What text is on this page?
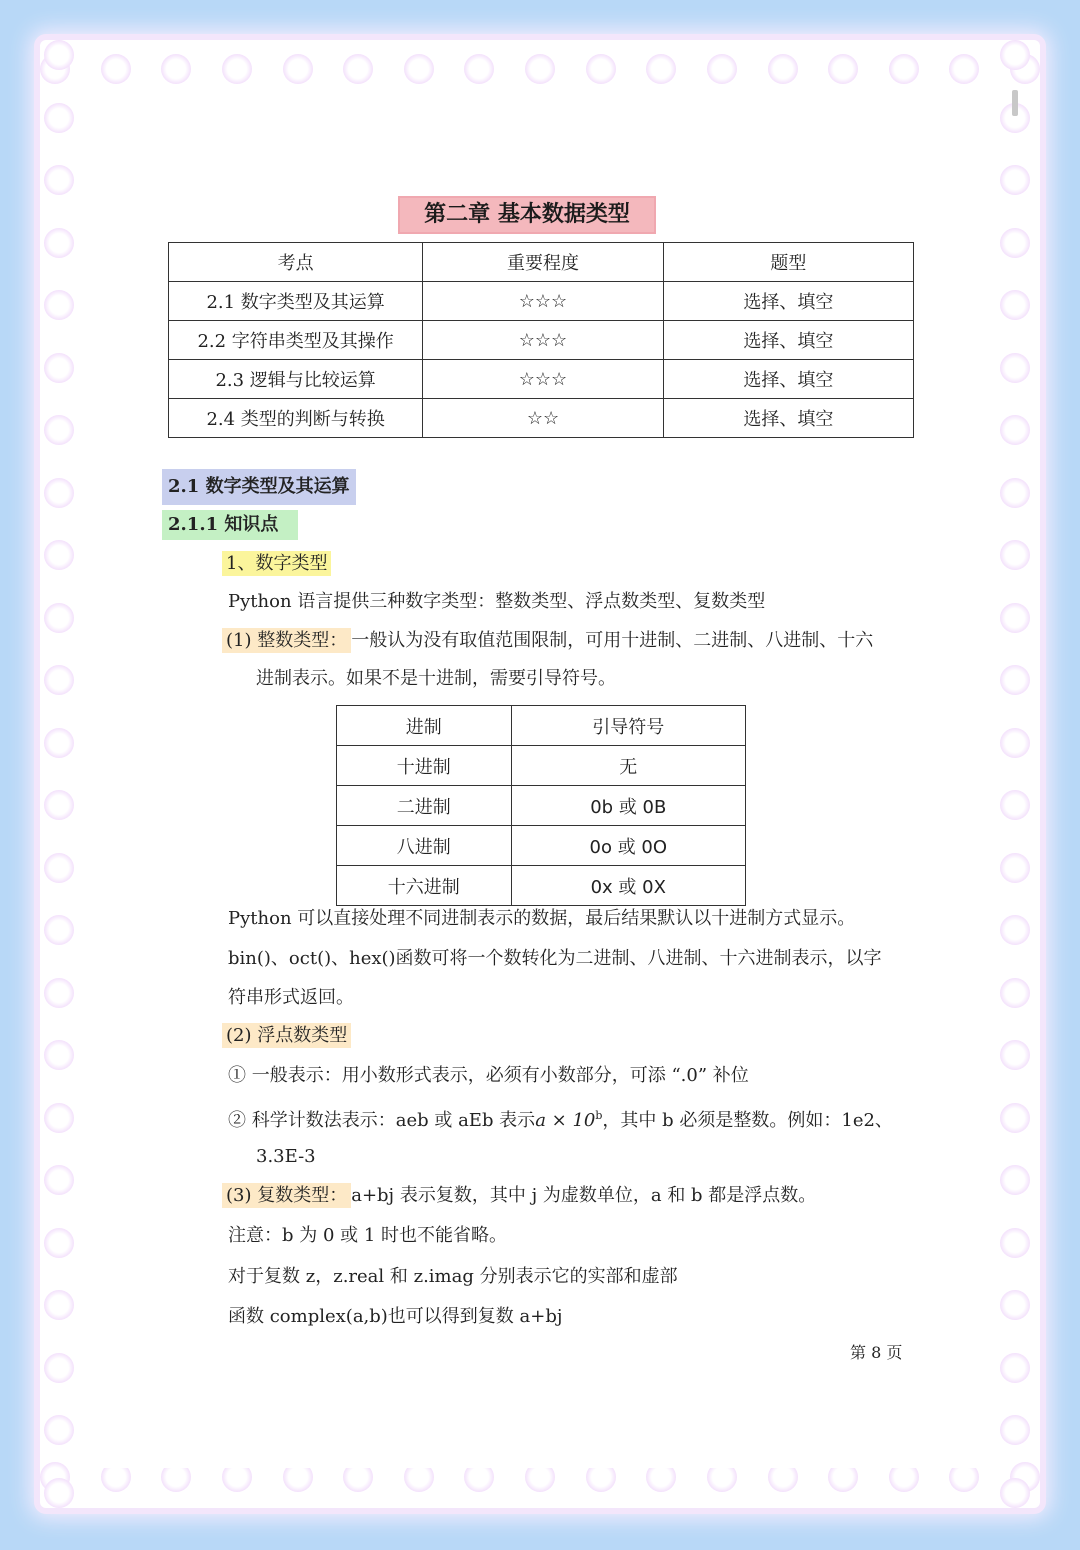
第二章 基本数据类型
考点	重要程度	题型
2.1 数字类型及其运算	☆☆☆	选择、填空
2.2 字符串类型及其操作	☆☆☆	选择、填空
2.3 逻辑与比较运算	☆☆☆	选择、填空
2.4 类型的判断与转换	☆☆	选择、填空
2.1 数字类型及其运算
2.1.1 知识点
1、数字类型
Python 语言提供三种数字类型：整数类型、浮点数类型、复数类型
(1) 整数类型： 一般认为没有取值范围限制，可用十进制、二进制、八进制、十六
进制表示。如果不是十进制，需要引导符号。
进制	引导符号
十进制	无
二进制	0b 或 0B
八进制	0o 或 0O
十六进制	0x 或 0X
Python 可以直接处理不同进制表示的数据，最后结果默认以十进制方式显示。
bin()、oct()、hex()函数可将一个数转化为二进制、八进制、十六进制表示，以字
符串形式返回。
(2) 浮点数类型
① 一般表示：用小数形式表示，必须有小数部分，可添 “.0” 补位
② 科学计数法表示：aeb 或 aEb 表示$a \times 10^b$，其中 b 必须是整数。例如：1e2、
3.3E-3
(3) 复数类型： a+bj 表示复数，其中 j 为虚数单位，a 和 b 都是浮点数。
注意：b 为 0 或 1 时也不能省略。
对于复数 z，z.real 和 z.imag 分别表示它的实部和虚部
函数 complex(a,b)也可以得到复数 a+bj
第 8 页
